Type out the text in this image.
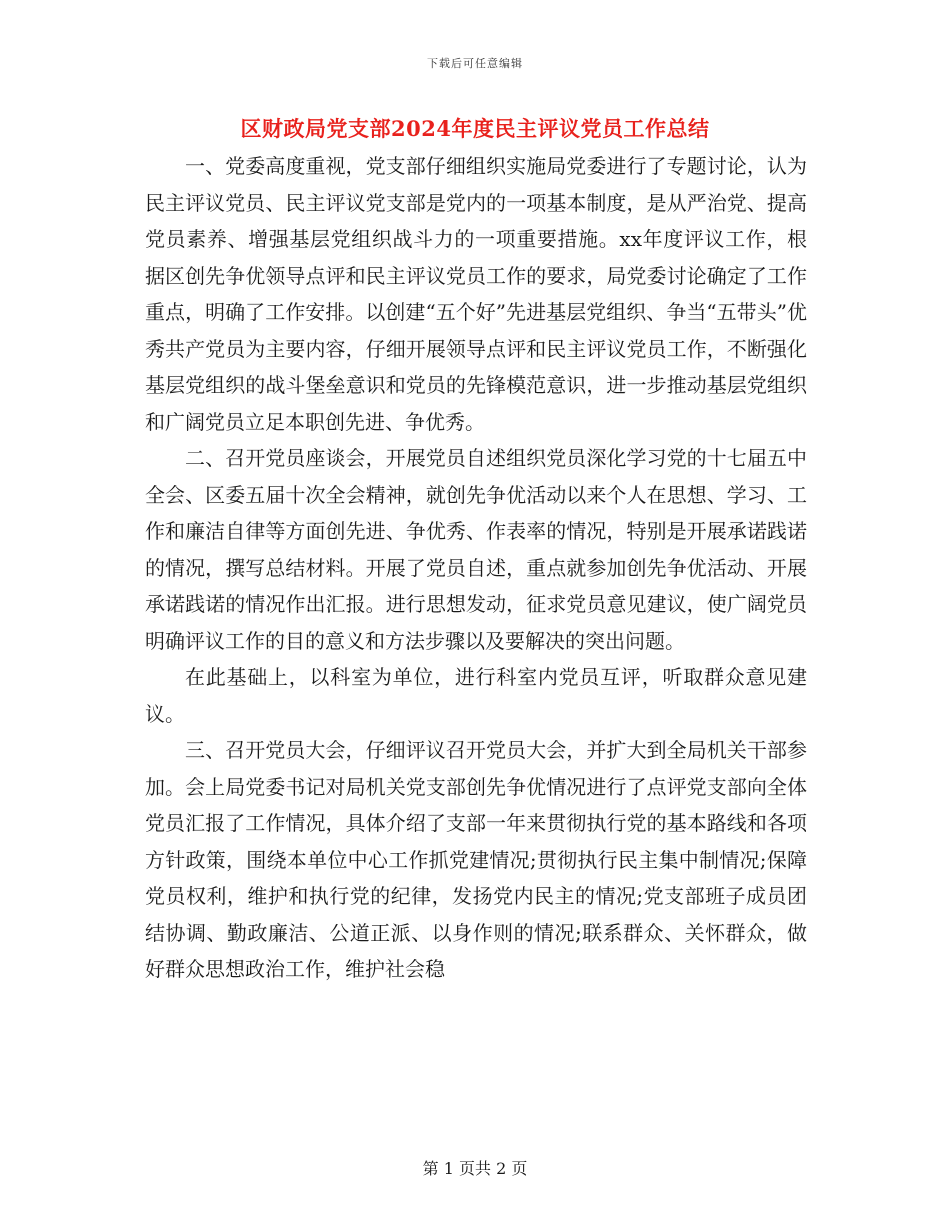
下载后可任意编辑
区财政局党支部2024年度民主评议党员工作总结

一、党委高度重视，党支部仔细组织实施局党委进行了专题讨论，认为民主评议党员、民主评议党支部是党内的一项基本制度，是从严治党、提高党员素养、增强基层党组织战斗力的一项重要措施。xx年度评议工作，根据区创先争优领导点评和民主评议党员工作的要求，局党委讨论确定了工作重点，明确了工作安排。以创建“五个好”先进基层党组织、争当“五带头”优秀共产党员为主要内容，仔细开展领导点评和民主评议党员工作，不断强化基层党组织的战斗堡垒意识和党员的先锋模范意识，进一步推动基层党组织和广阔党员立足本职创先进、争优秀。

二、召开党员座谈会，开展党员自述组织党员深化学习党的十七届五中全会、区委五届十次全会精神，就创先争优活动以来个人在思想、学习、工作和廉洁自律等方面创先进、争优秀、作表率的情况，特别是开展承诺践诺的情况，撰写总结材料。开展了党员自述，重点就参加创先争优活动、开展承诺践诺的情况作出汇报。进行思想发动，征求党员意见建议，使广阔党员明确评议工作的目的意义和方法步骤以及要解决的突出问题。

在此基础上，以科室为单位，进行科室内党员互评，听取群众意见建议。

三、召开党员大会，仔细评议召开党员大会，并扩大到全局机关干部参加。会上局党委书记对局机关党支部创先争优情况进行了点评党支部向全体党员汇报了工作情况，具体介绍了支部一年来贯彻执行党的基本路线和各项方针政策，围绕本单位中心工作抓党建情况;贯彻执行民主集中制情况;保障党员权利，维护和执行党的纪律，发扬党内民主的情况;党支部班子成员团结协调、勤政廉洁、公道正派、以身作则的情况;联系群众、关怀群众，做好群众思想政治工作，维护社会稳

第 1 页共 2 页
